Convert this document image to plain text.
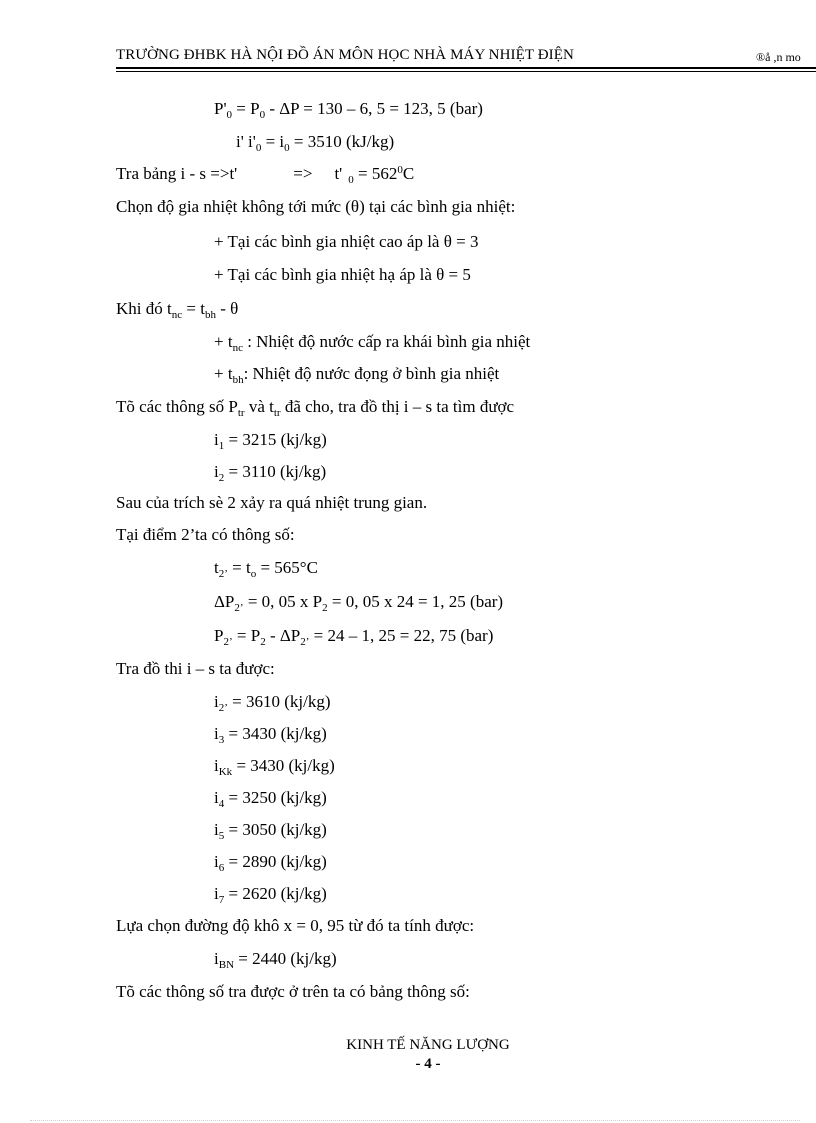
TRƯỜNG ĐHBK HÀ NỘI ĐỒ ÁN MÔN HỌC NHÀ MÁY NHIỆT ĐIỆN	®å ,n mo
$P'_0 = P_0 - \Delta P = 130 - 6$, 5 = 123, 5 (bar)
i' $i'_0 = i_0 = 3510$ (kJ/kg)
Tra bảng i - s =>t'	=> t' $_0 = 562^0C$
Chọn độ gia nhiệt không tới mức (θ) tại các bình gia nhiệt:
+ Tại các bình gia nhiệt cao áp là θ = 3
+ Tại các bình gia nhiệt hạ áp là θ = 5
Khi đó $t_{nc} = t_{bh} - \theta$
+ $t_{nc}$ : Nhiệt độ nước cấp ra khái bình gia nhiệt
+ $t_{bh}$: Nhiệt độ nước đọng ở bình gia nhiệt
Tõ các thông số $P_{tr}$ và $t_{tr}$ đã cho, tra đồ thị i – s ta tìm được
$i_1 = 3215$ (kj/kg)
$i_2 = 3110$ (kj/kg)
Sau của trích sè 2 xảy ra quá nhiệt trung gian.
Tại điểm 2’ta có thông số:
$t_{2’} = t_o = 565^\circ C$
$\Delta P_{2’} = 0$, 05 x $P_2 = 0$, 05 x 24 = 1, 25 (bar)
$P_{2’} = P_2 - \Delta P_{2’} = 24 - 1$, 25 = 22, 75 (bar)
Tra đồ thi i – s ta được:
$i_{2’} = 3610$ (kj/kg)
$i_3 = 3430$ (kj/kg)
$i_{Kk} = 3430$ (kj/kg)
$i_4 = 3250$ (kj/kg)
$i_5 = 3050$ (kj/kg)
$i_6 = 2890$ (kj/kg)
$i_7 = 2620$ (kj/kg)
Lựa chọn đường độ khô x = 0, 95 từ đó ta tính được:
$i_{BN} = 2440$ (kj/kg)
Tõ các thông số tra được ở trên ta có bảng thông số:
KINH TẾ NĂNG LƯỢNG
- 4 -
